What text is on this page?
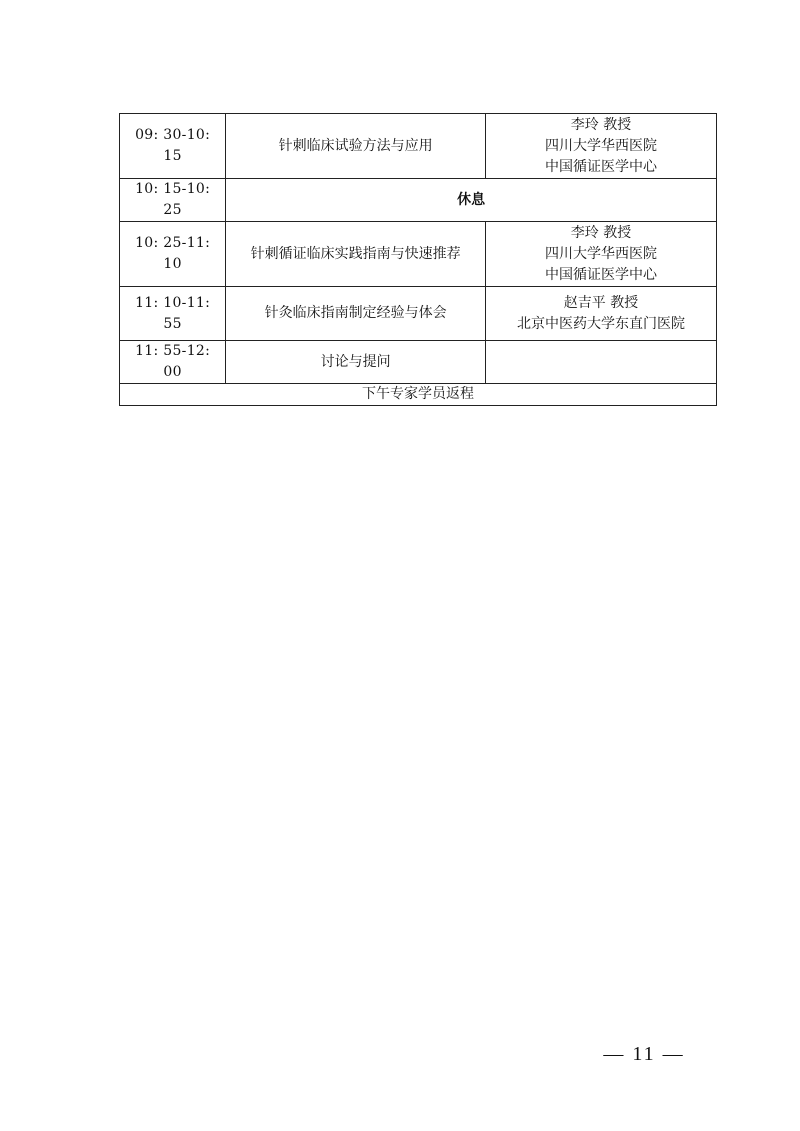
09: 30-10: 15	针刺临床试验方法与应用	李玲 教授
四川大学华西医院
中国循证医学中心

10: 15-10: 25	休息	
10: 25-11: 10	针刺循证临床实践指南与快速推荐	李玲 教授
四川大学华西医院
中国循证医学中心

11: 10-11: 55	针灸临床指南制定经验与体会	赵吉平 教授
北京中医药大学东直门医院

11: 55-12: 00	讨论与提问	
下午专家学员返程		
— 11 —
